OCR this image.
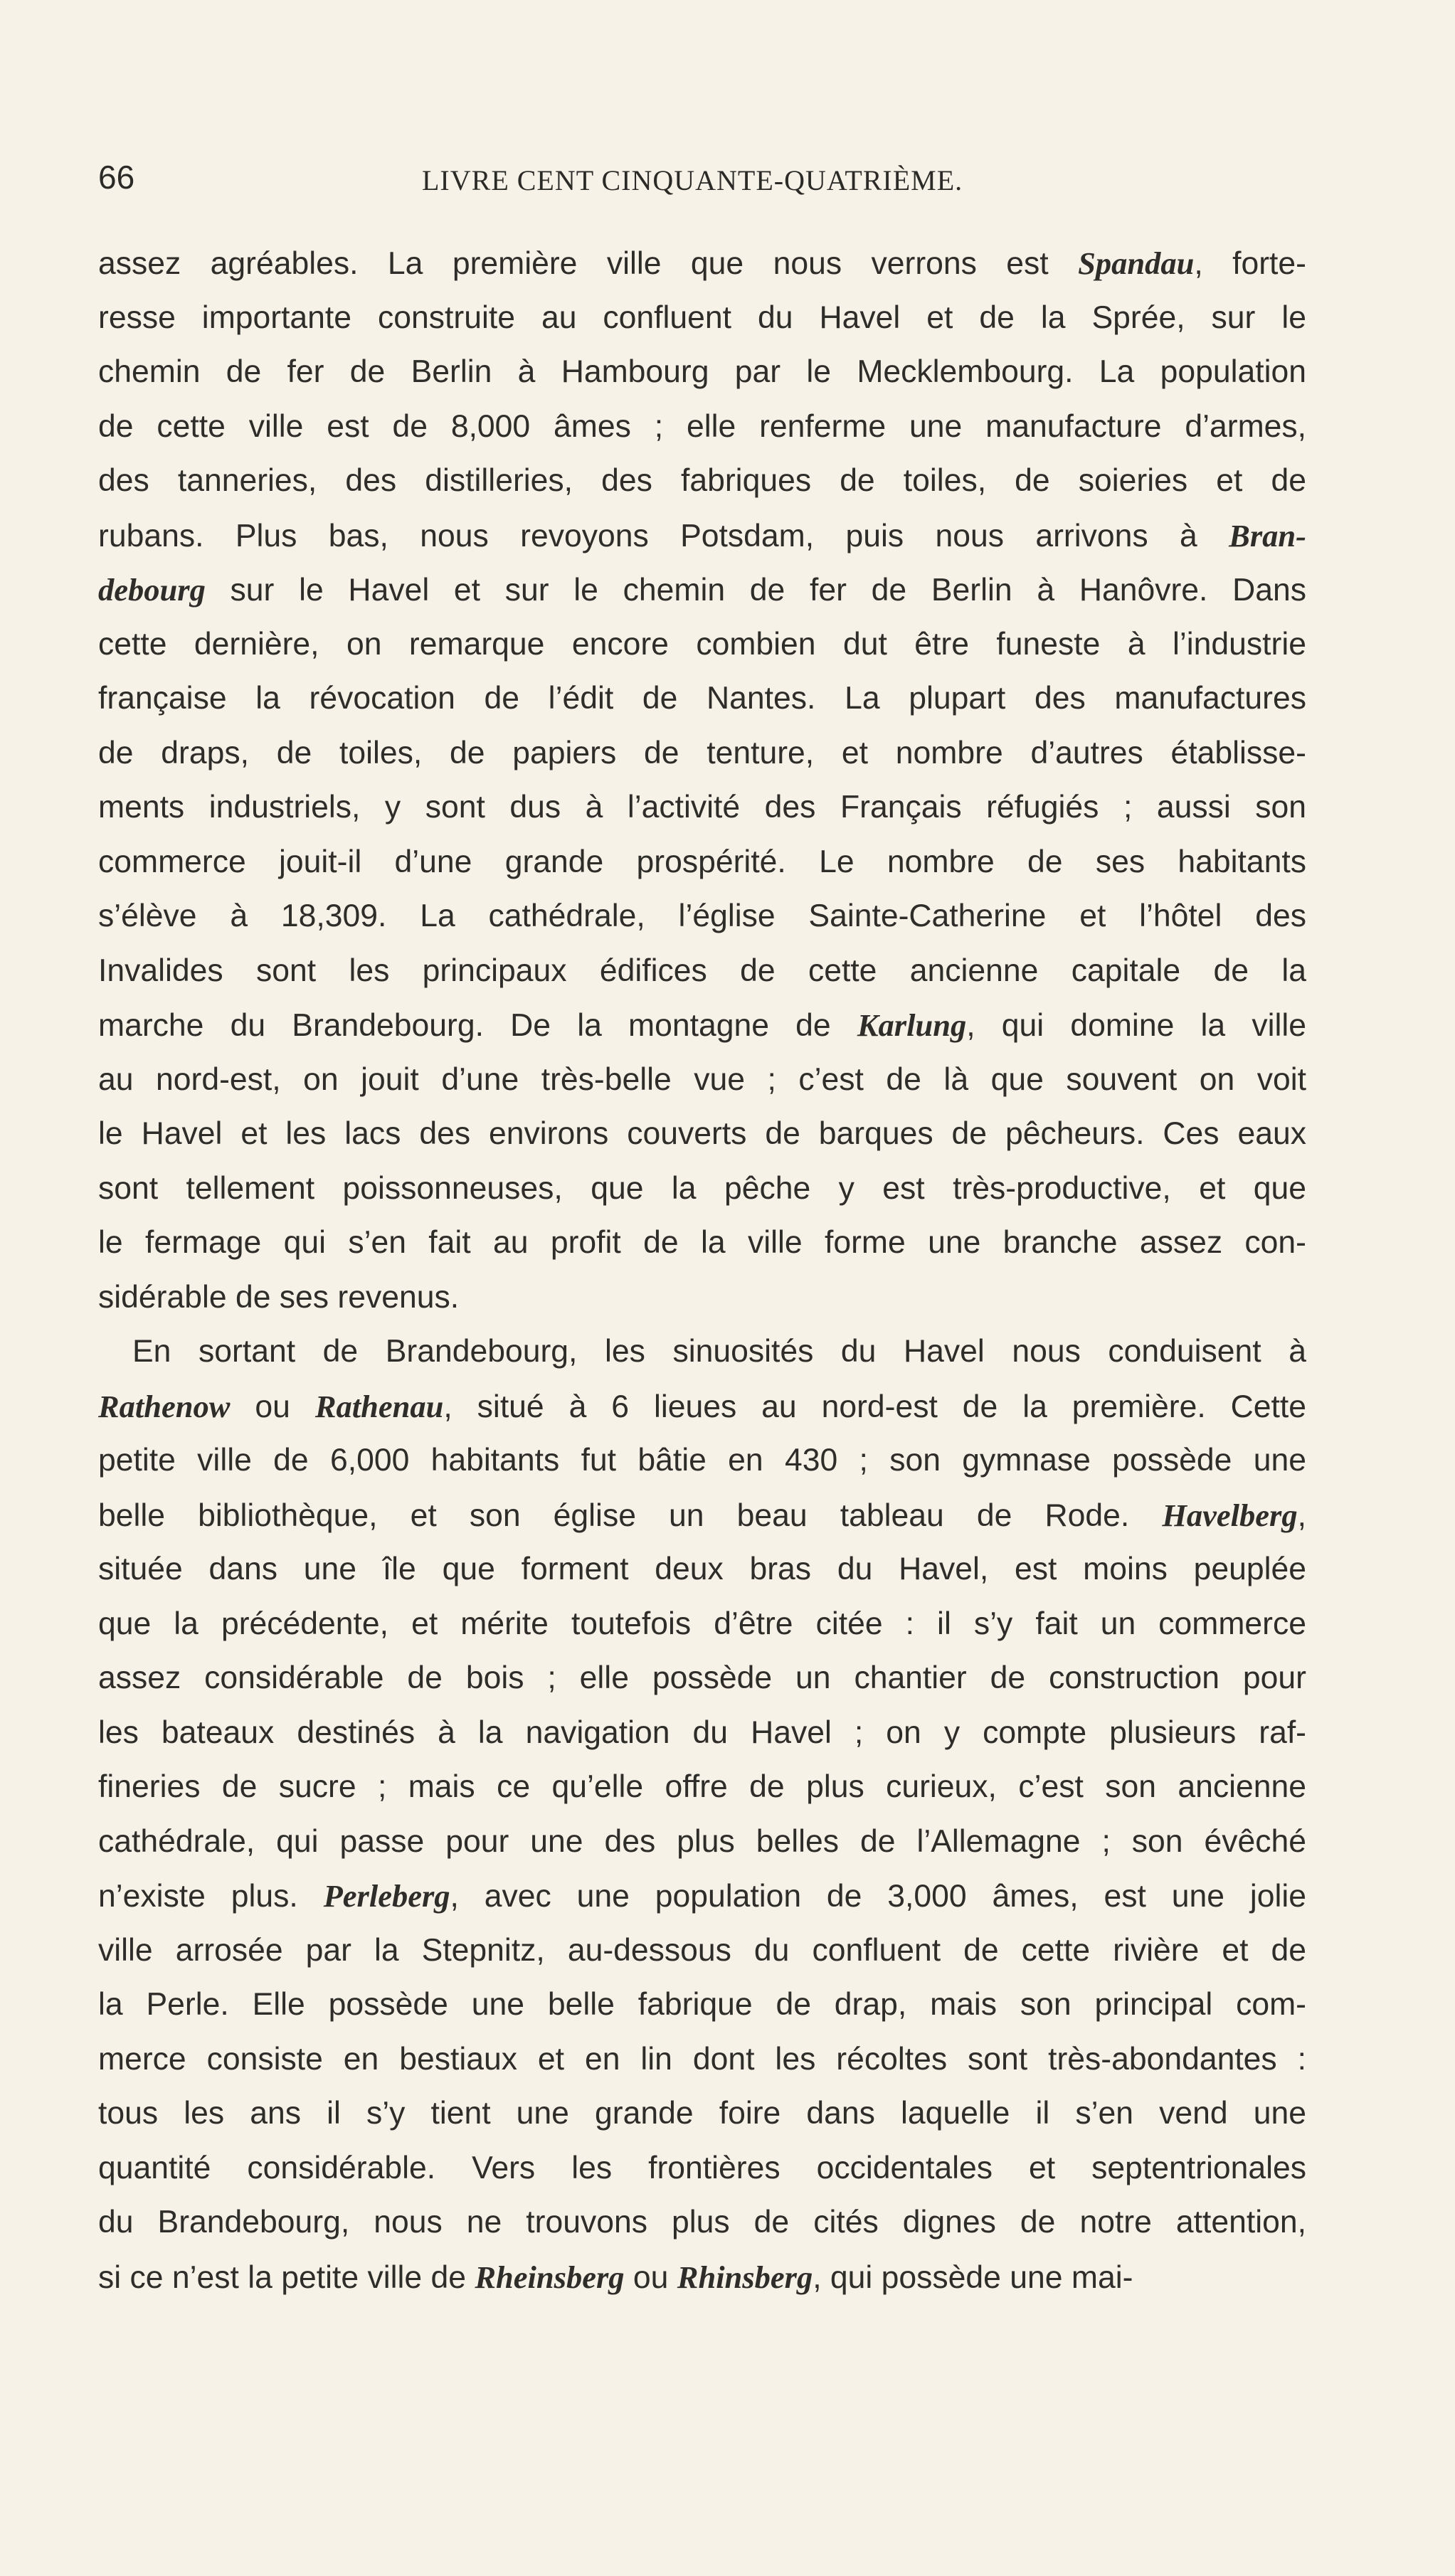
66	LIVRE CENT CINQUANTE-QUATRIÈME.
assez agréables. La première ville que nous verrons est Spandau, forte-
resse importante construite au confluent du Havel et de la Sprée, sur le
chemin de fer de Berlin à Hambourg par le Mecklembourg. La population
de cette ville est de 8,000 âmes ; elle renferme une manufacture d’armes,
des tanneries, des distilleries, des fabriques de toiles, de soieries et de
rubans. Plus bas, nous revoyons Potsdam, puis nous arrivons à Bran-
debourg sur le Havel et sur le chemin de fer de Berlin à Hanôvre. Dans
cette dernière, on remarque encore combien dut être funeste à l’industrie
française la révocation de l’édit de Nantes. La plupart des manufactures
de draps, de toiles, de papiers de tenture, et nombre d’autres établisse-
ments industriels, y sont dus à l’activité des Français réfugiés ; aussi son
commerce jouit-il d’une grande prospérité. Le nombre de ses habitants
s’élève à 18,309. La cathédrale, l’église Sainte-Catherine et l’hôtel des
Invalides sont les principaux édifices de cette ancienne capitale de la
marche du Brandebourg. De la montagne de Karlung, qui domine la ville
au nord-est, on jouit d’une très-belle vue ; c’est de là que souvent on voit
le Havel et les lacs des environs couverts de barques de pêcheurs. Ces eaux
sont tellement poissonneuses, que la pêche y est très-productive, et que
le fermage qui s’en fait au profit de la ville forme une branche assez con-
sidérable de ses revenus.
En sortant de Brandebourg, les sinuosités du Havel nous conduisent à
Rathenow ou Rathenau, situé à 6 lieues au nord-est de la première. Cette
petite ville de 6,000 habitants fut bâtie en 430 ; son gymnase possède une
belle bibliothèque, et son église un beau tableau de Rode. Havelberg,
située dans une île que forment deux bras du Havel, est moins peuplée
que la précédente, et mérite toutefois d’être citée : il s’y fait un commerce
assez considérable de bois ; elle possède un chantier de construction pour
les bateaux destinés à la navigation du Havel ; on y compte plusieurs raf-
fineries de sucre ; mais ce qu’elle offre de plus curieux, c’est son ancienne
cathédrale, qui passe pour une des plus belles de l’Allemagne ; son évêché
n’existe plus. Perleberg, avec une population de 3,000 âmes, est une jolie
ville arrosée par la Stepnitz, au-dessous du confluent de cette rivière et de
la Perle. Elle possède une belle fabrique de drap, mais son principal com-
merce consiste en bestiaux et en lin dont les récoltes sont très-abondantes :
tous les ans il s’y tient une grande foire dans laquelle il s’en vend une
quantité considérable. Vers les frontières occidentales et septentrionales
du Brandebourg, nous ne trouvons plus de cités dignes de notre attention,
si ce n’est la petite ville de Rheinsberg ou Rhinsberg, qui possède une mai-
